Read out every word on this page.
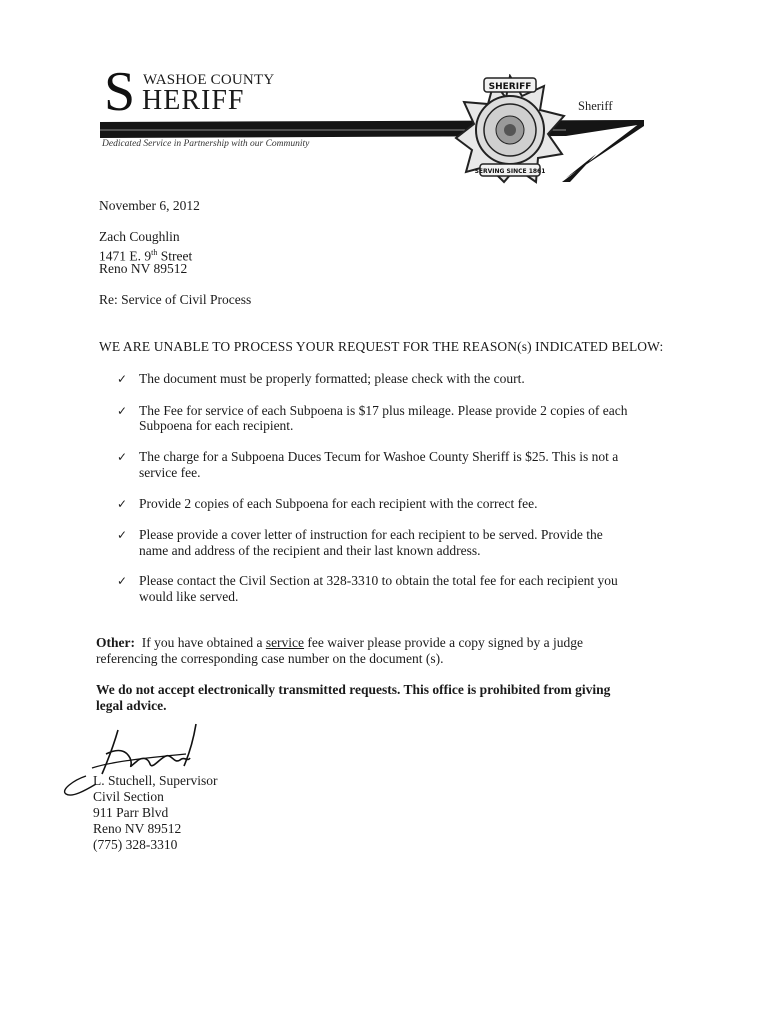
S WASHOE COUNTY
HERIFF
Dedicated Service in Partnership with our Community
SHERIFF
SERVING SINCE 1861
Sheriff
November 6, 2012
Zach Coughlin
1471 E. 9th Street
Reno NV 89512
Re: Service of Civil Process
WE ARE UNABLE TO PROCESS YOUR REQUEST FOR THE REASON(s) INDICATED BELOW:
✓ The document must be properly formatted; please check with the court.
✓ The Fee for service of each Subpoena is $17 plus mileage. Please provide 2 copies of each
Subpoena for each recipient.
✓ The charge for a Subpoena Duces Tecum for Washoe County Sheriff is $25. This is not a
service fee.
✓ Provide 2 copies of each Subpoena for each recipient with the correct fee.
✓ Please provide a cover letter of instruction for each recipient to be served. Provide the
name and address of the recipient and their last known address.
✓ Please contact the Civil Section at 328-3310 to obtain the total fee for each recipient you
would like served.
Other:  If you have obtained a service fee waiver please provide a copy signed by a judge
referencing the corresponding case number on the document (s).
We do not accept electronically transmitted requests. This office is prohibited from giving
legal advice.
L. Stuchell, Supervisor
Civil Section
911 Parr Blvd
Reno NV 89512
(775) 328-3310
